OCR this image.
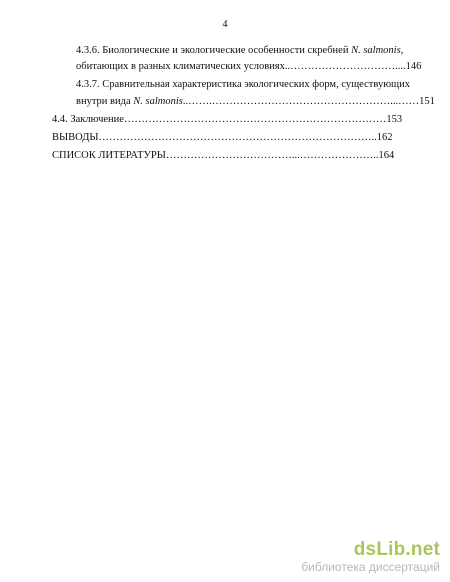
4
4.3.6. Биологические и экологические особенности скребней N. salmonis,
обитающих в разных климатических условиях..…………………………....146
4.3.7. Сравнительная характеристика экологических форм, существующих
внутри вида N. salmonis..…….……………………………………………...……151
4.4. Заключение…………………………………………………………………153
ВЫВОДЫ……………………………………………………………………..162
СПИСОК ЛИТЕРАТУРЫ………………………………...…………………..164
dsLib.net
библиотека диссертаций
